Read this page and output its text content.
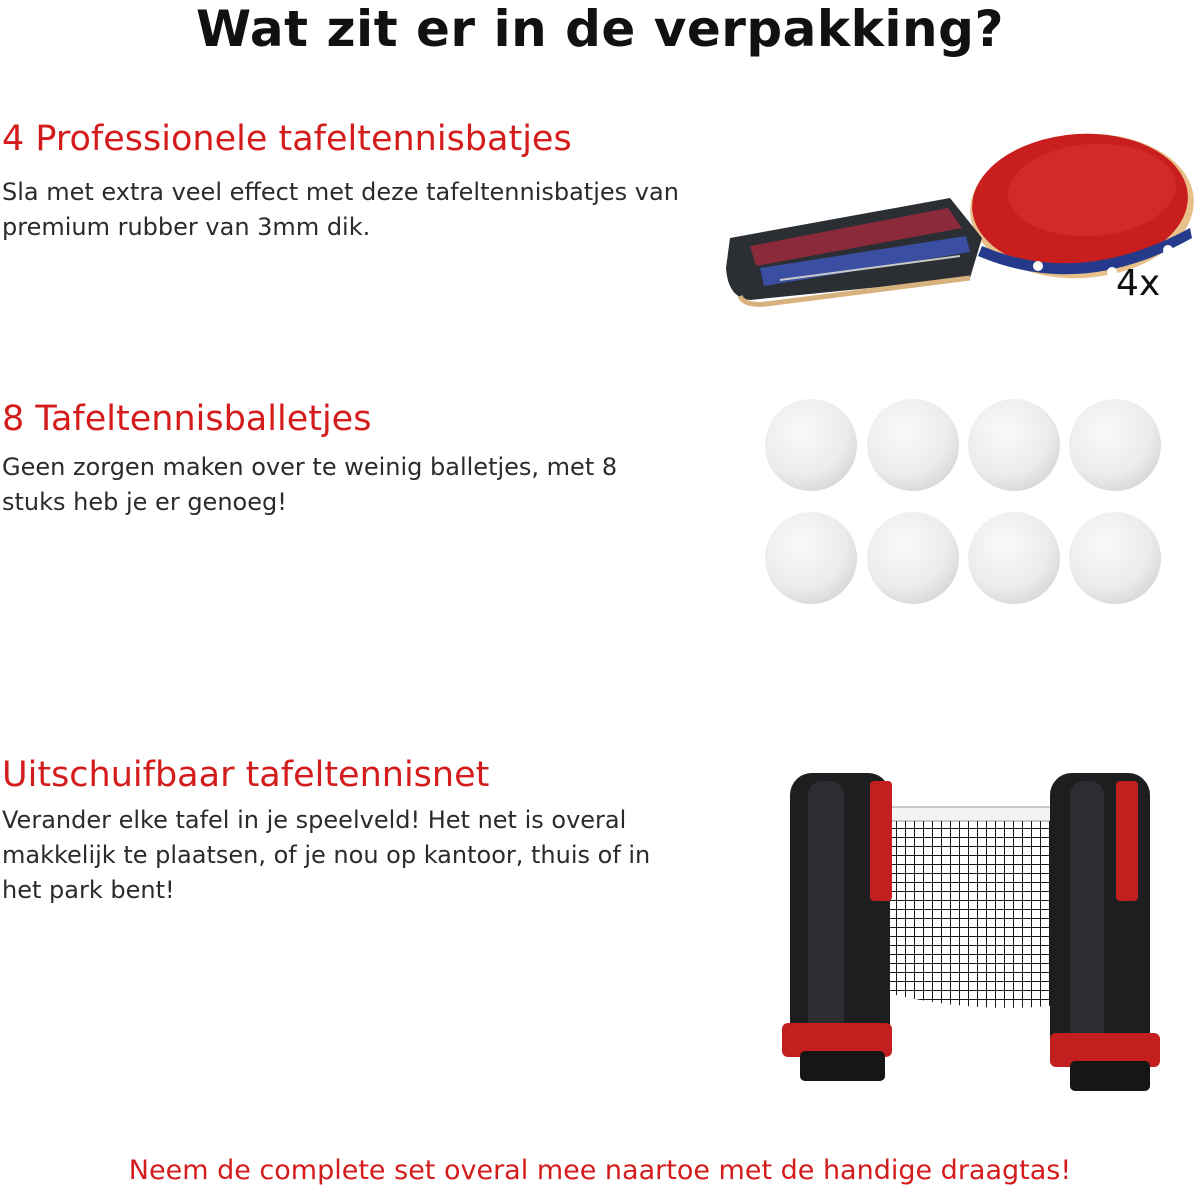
Wat zit er in de verpakking?
4 Professionele tafeltennisbatjes
Sla met extra veel effect met deze tafeltennisbatjes van
premium rubber van 3mm dik.
4x
8 Tafeltennisballetjes
Geen zorgen maken over te weinig balletjes, met 8
stuks heb je er genoeg!
Uitschuifbaar tafeltennisnet
Verander elke tafel in je speelveld! Het net is overal
makkelijk te plaatsen, of je nou op kantoor, thuis of in
het park bent!
Neem de complete set overal mee naartoe met de handige draagtas!
